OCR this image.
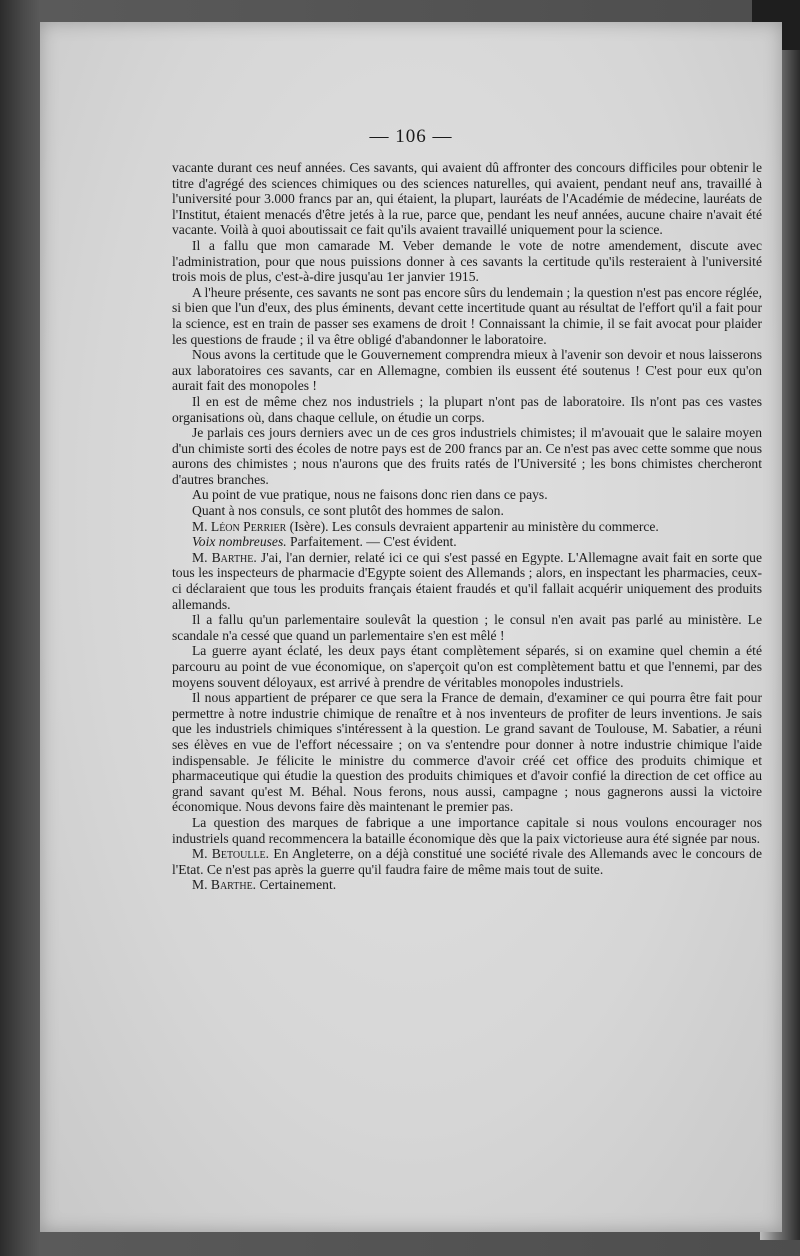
— 106 —

vacante durant ces neuf années. Ces savants, qui avaient dû affronter des concours difficiles pour obtenir le titre d'agrégé des sciences chimiques ou des sciences naturelles, qui avaient, pendant neuf ans, travaillé à l'université pour 3.000 francs par an, qui étaient, la plupart, lauréats de l'Académie de médecine, lauréats de l'Institut, étaient menacés d'être jetés à la rue, parce que, pendant les neuf années, aucune chaire n'avait été vacante. Voilà à quoi aboutissait ce fait qu'ils avaient travaillé uniquement pour la science.

Il a fallu que mon camarade M. Veber demande le vote de notre amendement, discute avec l'administration, pour que nous puissions donner à ces savants la certitude qu'ils resteraient à l'université trois mois de plus, c'est-à-dire jusqu'au 1er janvier 1915.

A l'heure présente, ces savants ne sont pas encore sûrs du lendemain ; la question n'est pas encore réglée, si bien que l'un d'eux, des plus éminents, devant cette incertitude quant au résultat de l'effort qu'il a fait pour la science, est en train de passer ses examens de droit ! Connaissant la chimie, il se fait avocat pour plaider les questions de fraude ; il va être obligé d'abandonner le laboratoire.

Nous avons la certitude que le Gouvernement comprendra mieux à l'avenir son devoir et nous laisserons aux laboratoires ces savants, car en Allemagne, combien ils eussent été soutenus ! C'est pour eux qu'on aurait fait des monopoles !

Il en est de même chez nos industriels ; la plupart n'ont pas de laboratoire. Ils n'ont pas ces vastes organisations où, dans chaque cellule, on étudie un corps.

Je parlais ces jours derniers avec un de ces gros industriels chimistes; il m'avouait que le salaire moyen d'un chimiste sorti des écoles de notre pays est de 200 francs par an. Ce n'est pas avec cette somme que nous aurons des chimistes ; nous n'aurons que des fruits ratés de l'Université ; les bons chimistes chercheront d'autres branches.

Au point de vue pratique, nous ne faisons donc rien dans ce pays.

Quant à nos consuls, ce sont plutôt des hommes de salon.

M. Léon Perrier (Isère). Les consuls devraient appartenir au ministère du commerce.

Voix nombreuses. Parfaitement. — C'est évident.

M. Barthe. J'ai, l'an dernier, relaté ici ce qui s'est passé en Egypte. L'Allemagne avait fait en sorte que tous les inspecteurs de pharmacie d'Egypte soient des Allemands ; alors, en inspectant les pharmacies, ceux-ci déclaraient que tous les produits français étaient fraudés et qu'il fallait acquérir uniquement des produits allemands.

Il a fallu qu'un parlementaire soulevât la question ; le consul n'en avait pas parlé au ministère. Le scandale n'a cessé que quand un parlementaire s'en est mêlé !

La guerre ayant éclaté, les deux pays étant complètement séparés, si on examine quel chemin a été parcouru au point de vue économique, on s'aperçoit qu'on est complètement battu et que l'ennemi, par des moyens souvent déloyaux, est arrivé à prendre de véritables monopoles industriels.

Il nous appartient de préparer ce que sera la France de demain, d'examiner ce qui pourra être fait pour permettre à notre industrie chimique de renaître et à nos inventeurs de profiter de leurs inventions. Je sais que les industriels chimiques s'intéressent à la question. Le grand savant de Toulouse, M. Sabatier, a réuni ses élèves en vue de l'effort nécessaire ; on va s'entendre pour donner à notre industrie chimique l'aide indispensable. Je félicite le ministre du commerce d'avoir créé cet office des produits chimique et pharmaceutique qui étudie la question des produits chimiques et d'avoir confié la direction de cet office au grand savant qu'est M. Béhal. Nous ferons, nous aussi, campagne ; nous gagnerons aussi la victoire économique. Nous devons faire dès maintenant le premier pas.

La question des marques de fabrique a une importance capitale si nous voulons encourager nos industriels quand recommencera la bataille économique dès que la paix victorieuse aura été signée par nous.

M. Betoulle. En Angleterre, on a déjà constitué une société rivale des Allemands avec le concours de l'Etat. Ce n'est pas après la guerre qu'il faudra faire de même mais tout de suite.

M. Barthe. Certainement.
